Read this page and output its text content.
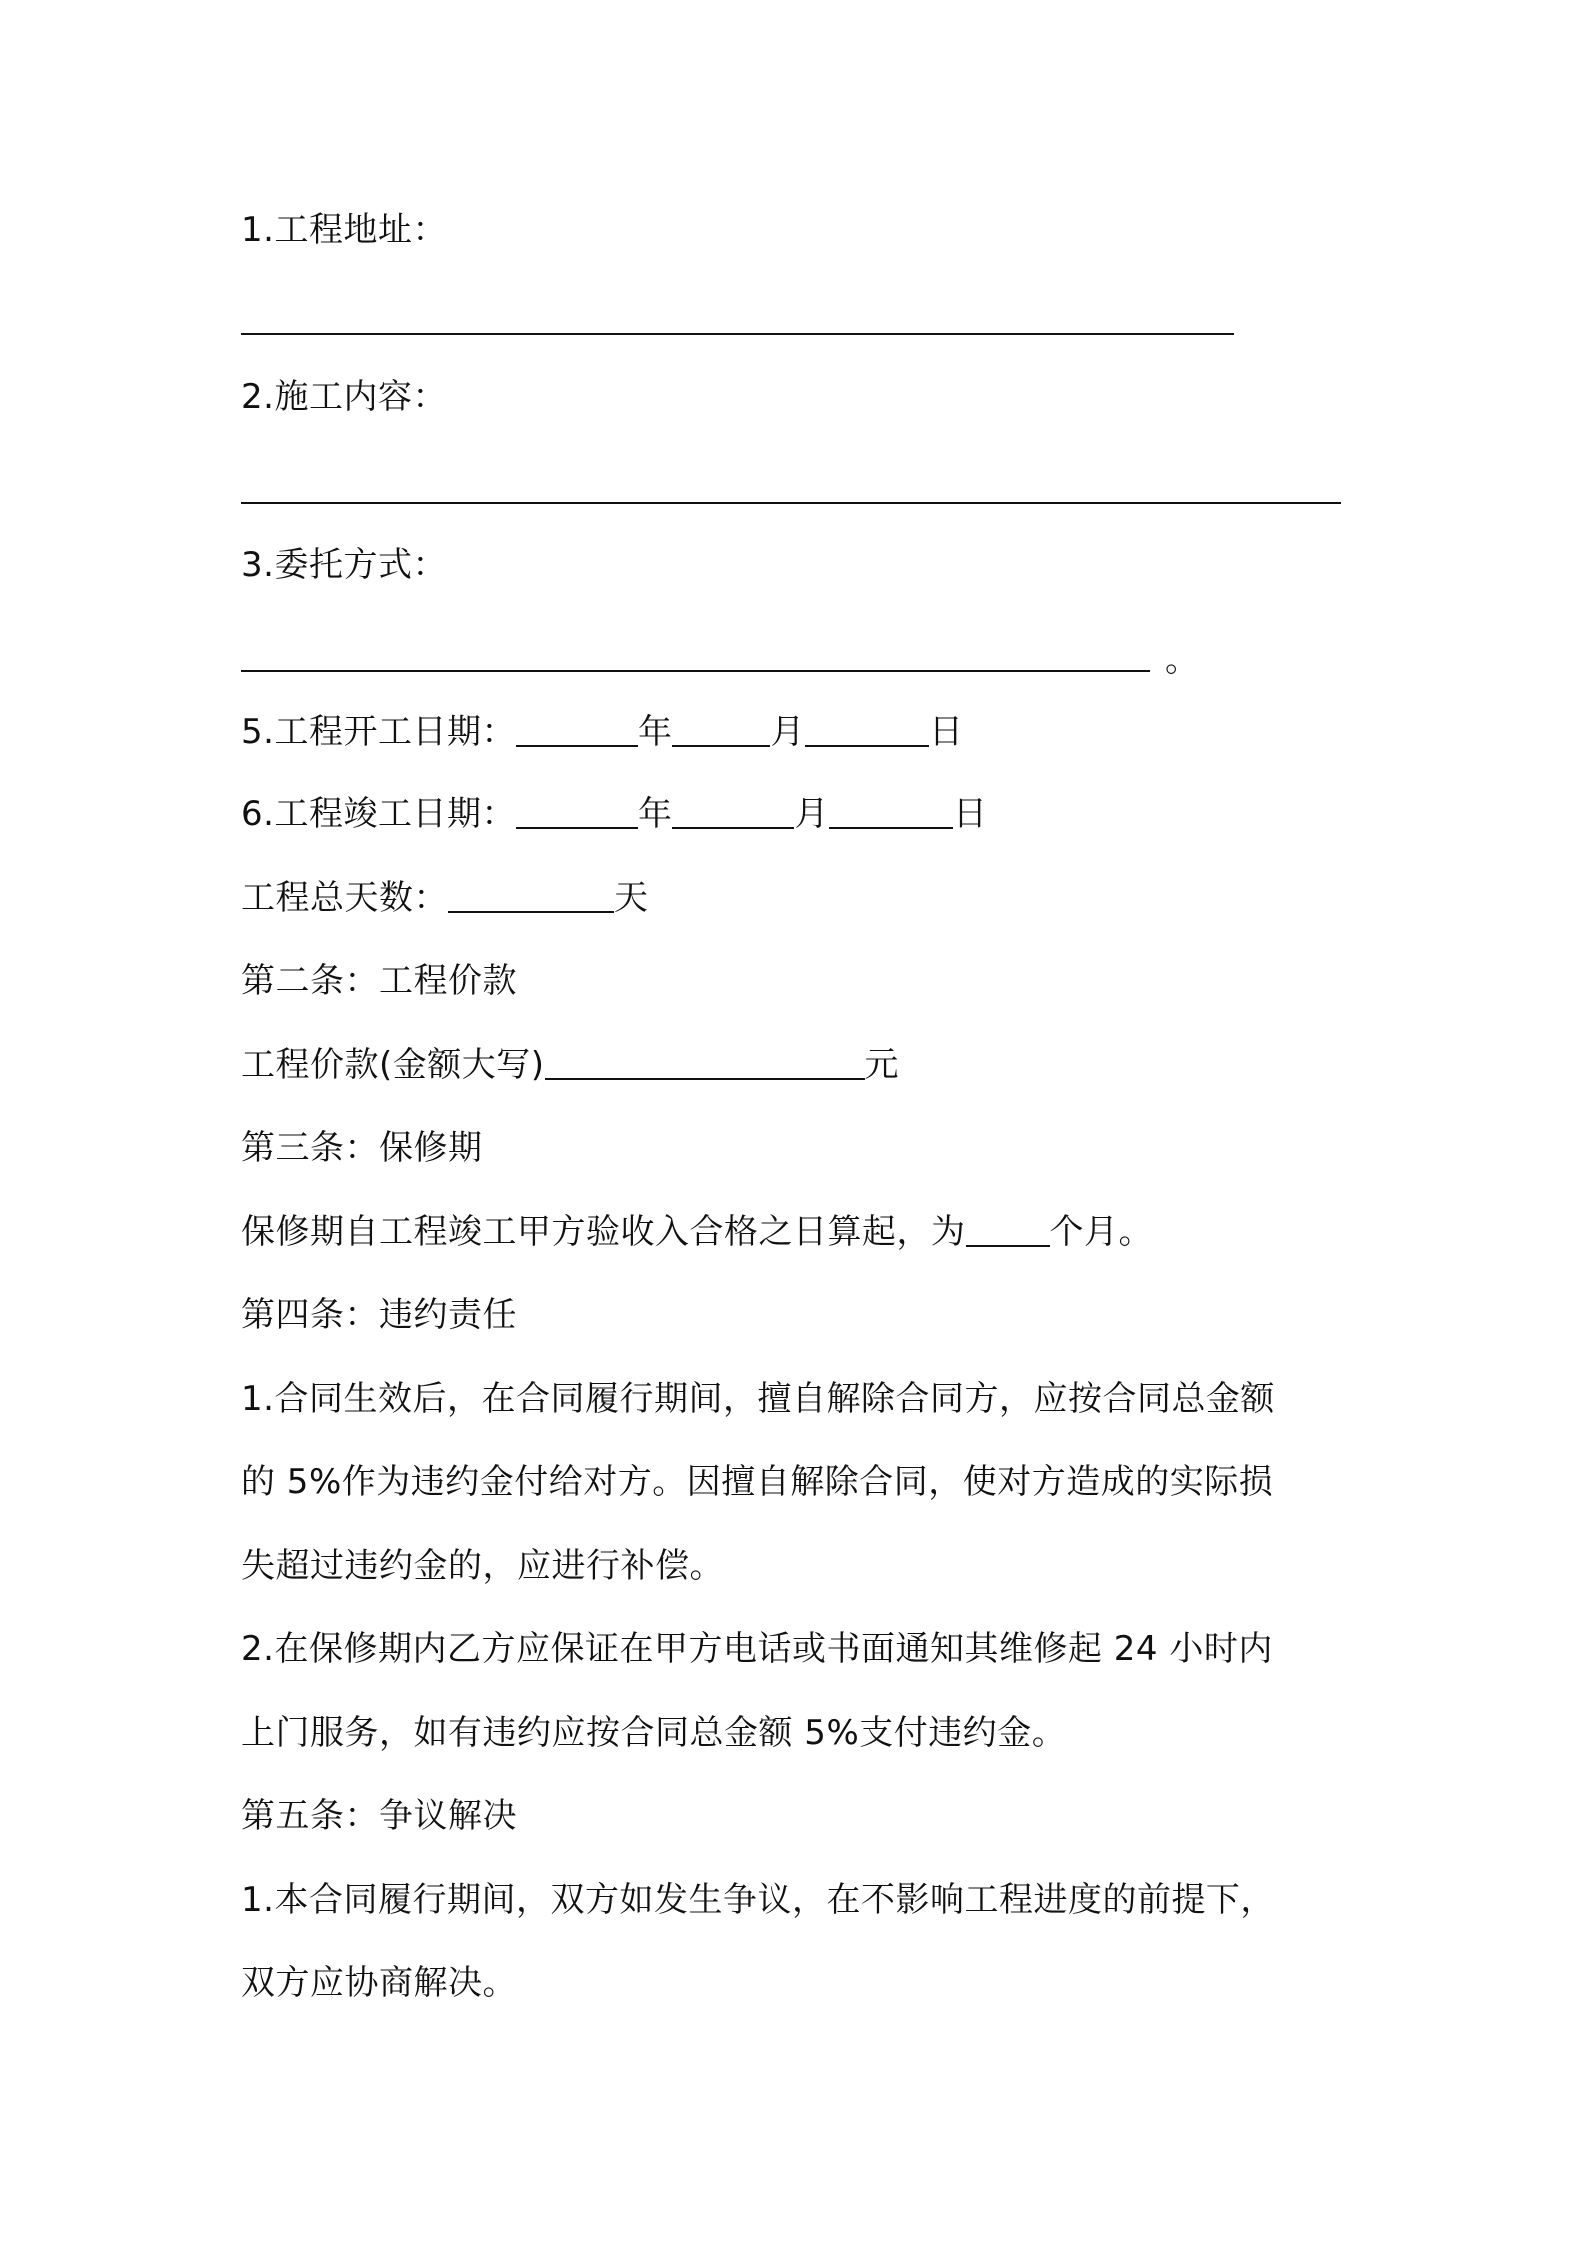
1.工程地址：

2.施工内容：

3.委托方式：

。

5.工程开工日期：	年	月	日

6.工程竣工日期：	年	月	日

工程总天数：	天

第二条：工程价款

工程价款(金额大写)	元

第三条：保修期

保修期自工程竣工甲方验收入合格之日算起，为 个月。

第四条：违约责任

1.合同生效后，在合同履行期间，擅自解除合同方，应按合同总金额

的 5%作为违约金付给对方。因擅自解除合同，使对方造成的实际损

失超过违约金的，应进行补偿。

2.在保修期内乙方应保证在甲方电话或书面通知其维修起 24 小时内

上门服务，如有违约应按合同总金额 5%支付违约金。

第五条：争议解决

1.本合同履行期间，双方如发生争议，在不影响工程进度的前提下，

双方应协商解决。
